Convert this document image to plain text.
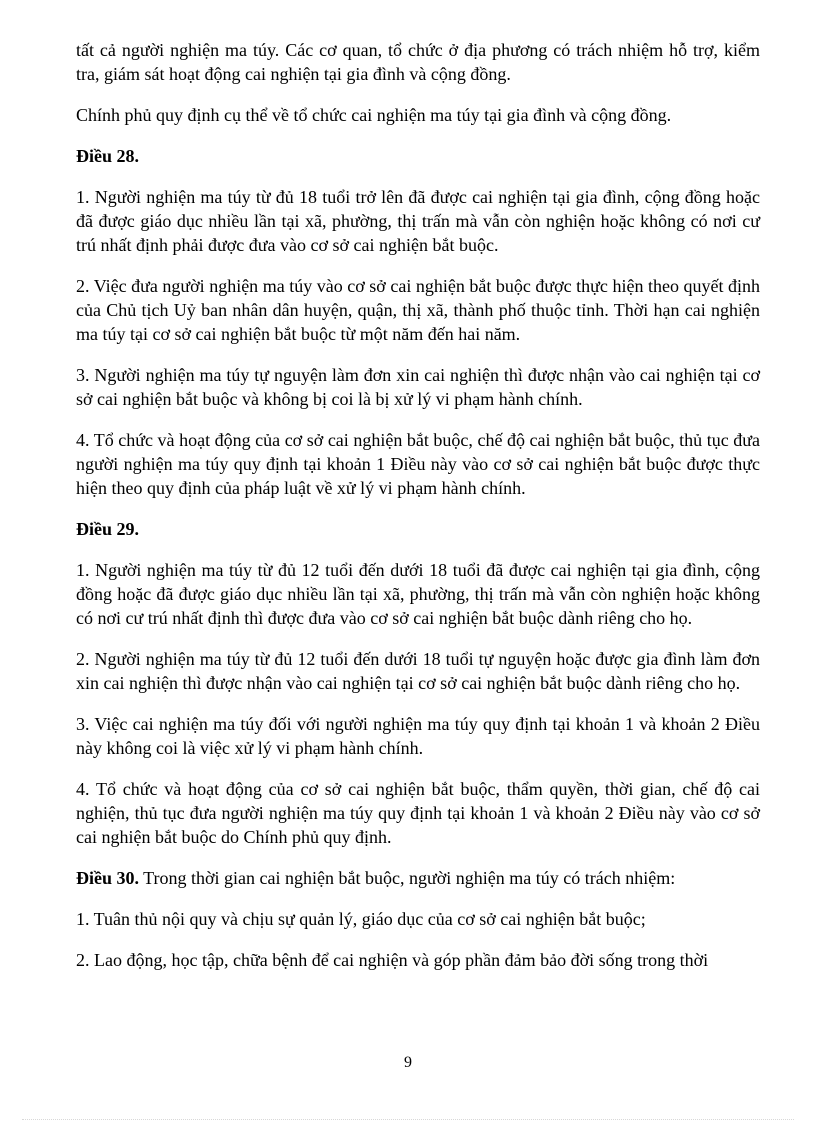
tất cả người nghiện ma túy. Các cơ quan, tổ chức ở địa phương có trách nhiệm hỗ trợ, kiểm tra, giám sát hoạt động cai nghiện tại gia đình và cộng đồng.

Chính phủ quy định cụ thể về tổ chức cai nghiện ma túy tại gia đình và cộng đồng.

Điều 28.

1. Người nghiện ma túy từ đủ 18 tuổi trở lên đã được cai nghiện tại gia đình, cộng đồng hoặc đã được giáo dục nhiều lần tại xã, phường, thị trấn mà vẫn còn nghiện hoặc không có nơi cư trú nhất định phải được đưa vào cơ sở cai nghiện bắt buộc.

2. Việc đưa người nghiện ma túy vào cơ sở cai nghiện bắt buộc được thực hiện theo quyết định của Chủ tịch Uỷ ban nhân dân huyện, quận, thị xã, thành phố thuộc tỉnh. Thời hạn cai nghiện ma túy tại cơ sở cai nghiện bắt buộc từ một năm đến hai năm.

3. Người nghiện ma túy tự nguyện làm đơn xin cai nghiện thì được nhận vào cai nghiện tại cơ sở cai nghiện bắt buộc và không bị coi là bị xử lý vi phạm hành chính.

4. Tổ chức và hoạt động của cơ sở cai nghiện bắt buộc, chế độ cai nghiện bắt buộc, thủ tục đưa người nghiện ma túy quy định tại khoản 1 Điều này vào cơ sở cai nghiện bắt buộc được thực hiện theo quy định của pháp luật về xử lý vi phạm hành chính.

Điều 29.

1. Người nghiện ma túy từ đủ 12 tuổi đến dưới 18 tuổi đã được cai nghiện tại gia đình, cộng đồng hoặc đã được giáo dục nhiều lần tại xã, phường, thị trấn mà vẫn còn nghiện hoặc không có nơi cư trú nhất định thì được đưa vào cơ sở cai nghiện bắt buộc dành riêng cho họ.

2. Người nghiện ma túy từ đủ 12 tuổi đến dưới 18 tuổi tự nguyện hoặc được gia đình làm đơn xin cai nghiện thì được nhận vào cai nghiện tại cơ sở cai nghiện bắt buộc dành riêng cho họ.

3. Việc cai nghiện ma túy đối với người nghiện ma túy quy định tại khoản 1 và khoản 2 Điều này không coi là việc xử lý vi phạm hành chính.

4. Tổ chức và hoạt động của cơ sở cai nghiện bắt buộc, thẩm quyền, thời gian, chế độ cai nghiện, thủ tục đưa người nghiện ma túy quy định tại khoản 1 và khoản 2 Điều này vào cơ sở cai nghiện bắt buộc do Chính phủ quy định.

Điều 30. Trong thời gian cai nghiện bắt buộc, người nghiện ma túy có trách nhiệm:

1. Tuân thủ nội quy và chịu sự quản lý, giáo dục của cơ sở cai nghiện bắt buộc;

2. Lao động, học tập, chữa bệnh để cai nghiện và góp phần đảm bảo đời sống trong thời

9
